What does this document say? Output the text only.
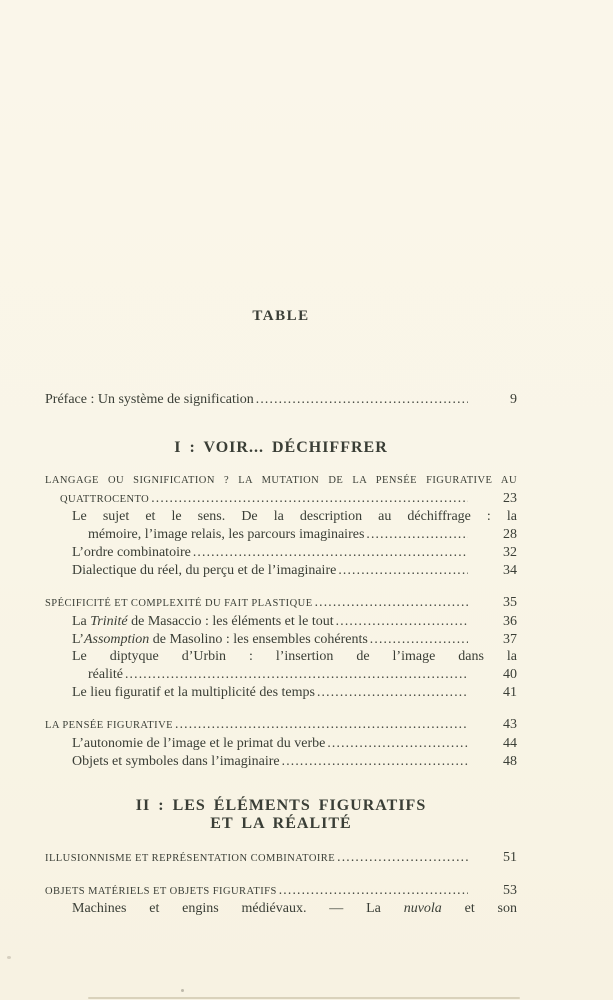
TABLE
Préface : Un système de signification .....	9
I : VOIR... DÉCHIFFRER
LANGAGE OU SIGNIFICATION ? LA MUTATION DE LA PENSÉE FIGURATIVE AU
QUATTROCENTO .....	23
Le sujet et le sens. De la description au déchiffrage : la
mémoire, l’image relais, les parcours imaginaires .....	28
L’ordre combinatoire .....	32
Dialectique du réel, du perçu et de l’imaginaire .....	34
SPÉCIFICITÉ ET COMPLEXITÉ DU FAIT PLASTIQUE .....	35
La Trinité de Masaccio : les éléments et le tout .....	36
L’Assomption de Masolino : les ensembles cohérents .....	37
Le diptyque d’Urbin : l’insertion de l’image dans la
réalité .....	40
Le lieu figuratif et la multiplicité des temps .....	41
LA PENSÉE FIGURATIVE .....	43
L’autonomie de l’image et le primat du verbe .....	44
Objets et symboles dans l’imaginaire .....	48
II : LES ÉLÉMENTS FIGURATIFS
ET LA RÉALITÉ
ILLUSIONNISME ET REPRÉSENTATION COMBINATOIRE .....	51
OBJETS MATÉRIELS ET OBJETS FIGURATIFS .....	53
Machines et engins médiévaux. — La nuvola et son
